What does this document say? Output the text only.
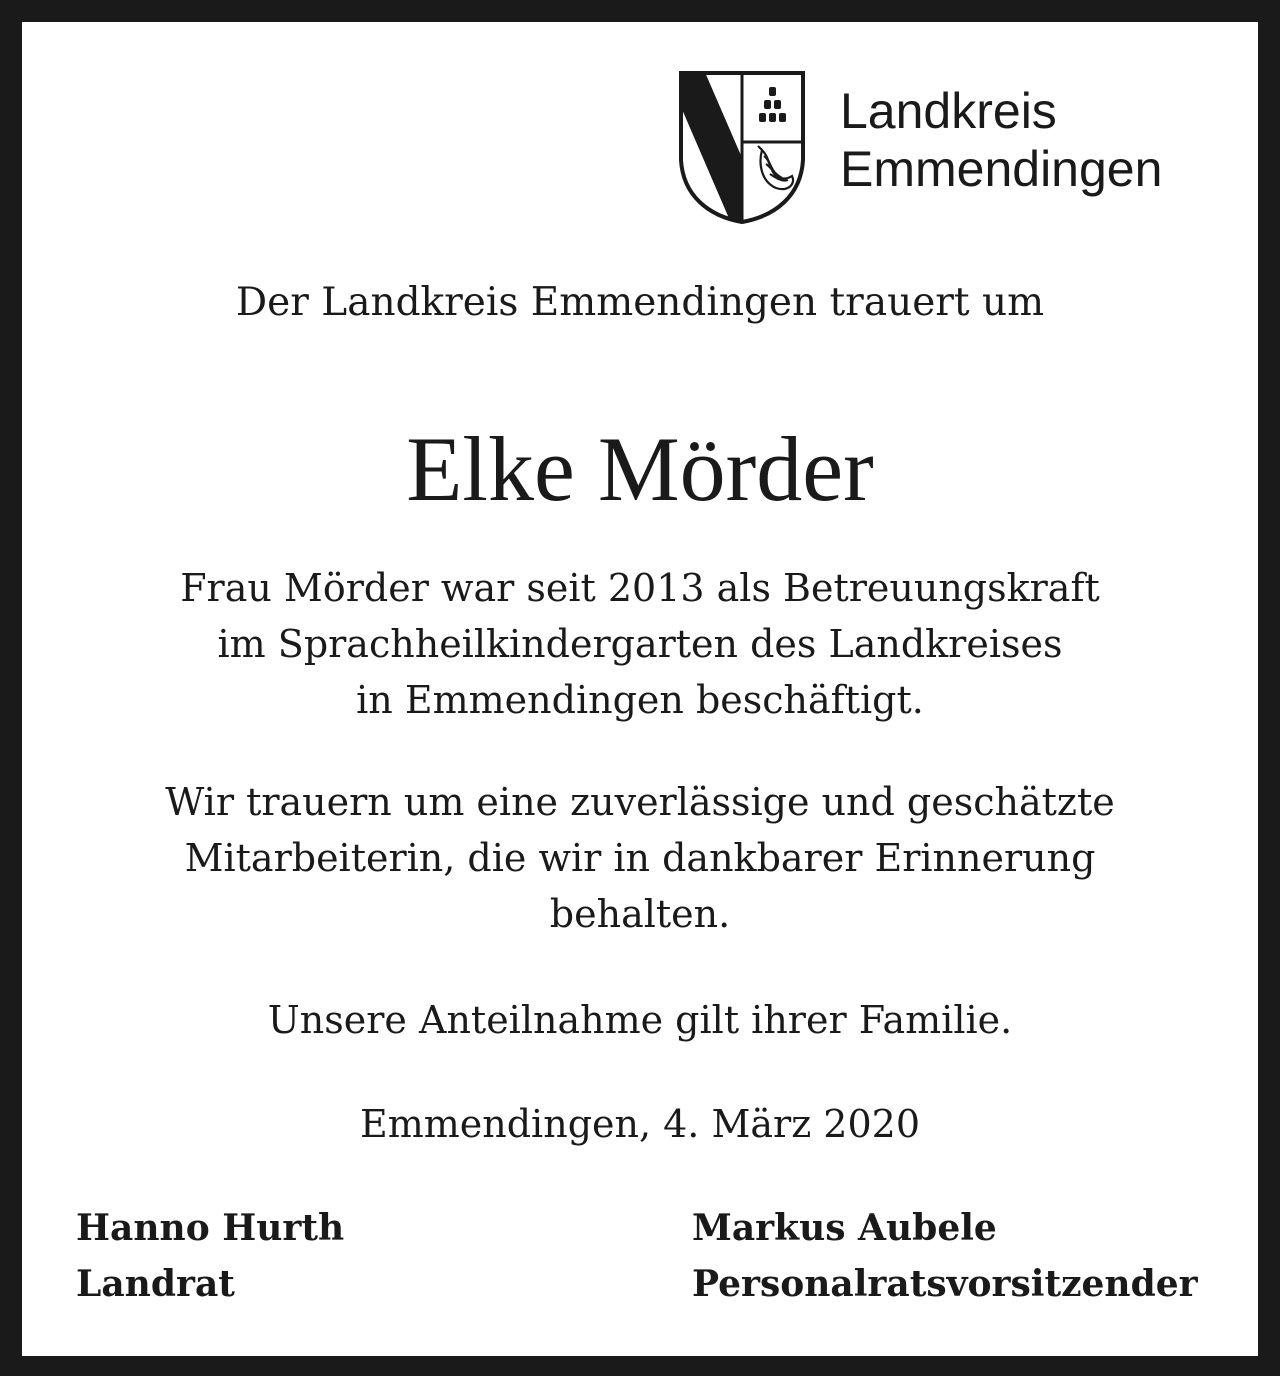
Landkreis
Emmendingen
Der Landkreis Emmendingen trauert um
Elke Mörder
Frau Mörder war seit 2013 als Betreuungskraft
im Sprachheilkindergarten des Landkreises
in Emmendingen beschäftigt.
Wir trauern um eine zuverlässige und geschätzte
Mitarbeiterin, die wir in dankbarer Erinnerung
behalten.
Unsere Anteilnahme gilt ihrer Familie.
Emmendingen, 4. März 2020
Hanno Hurth
Landrat
Markus Aubele
Personalratsvorsitzender
